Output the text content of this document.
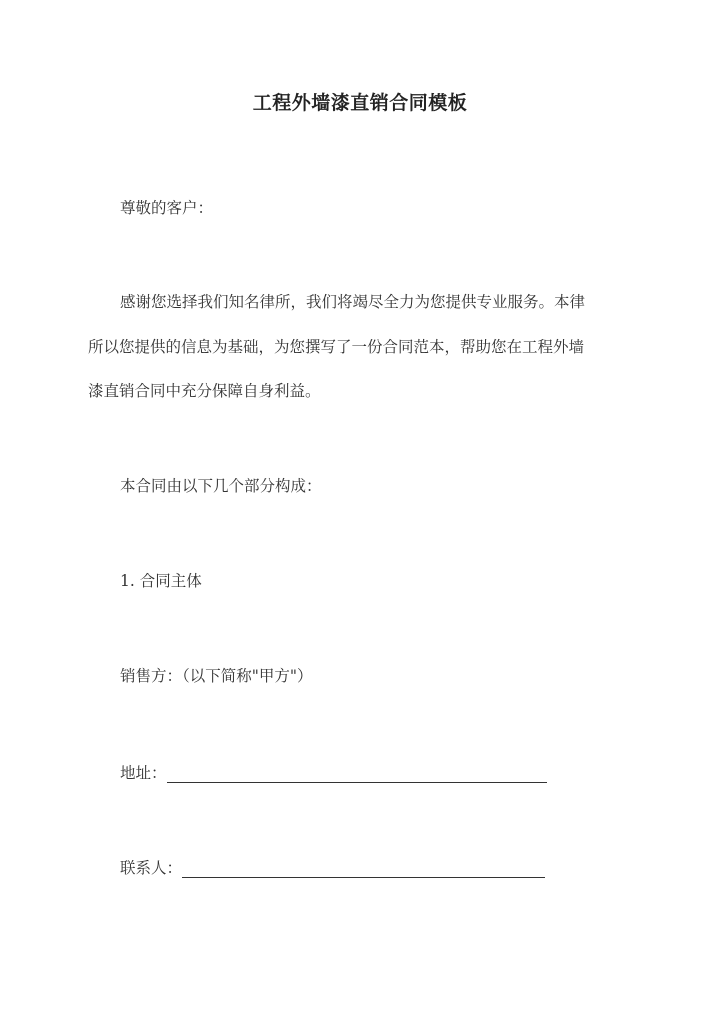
工程外墙漆直销合同模板
尊敬的客户：
感谢您选择我们知名律所，我们将竭尽全力为您提供专业服务。本律
所以您提供的信息为基础，为您撰写了一份合同范本，帮助您在工程外墙
漆直销合同中充分保障自身利益。
本合同由以下几个部分构成：
1. 合同主体
销售方：（以下简称"甲方"）
地址：
联系人：
